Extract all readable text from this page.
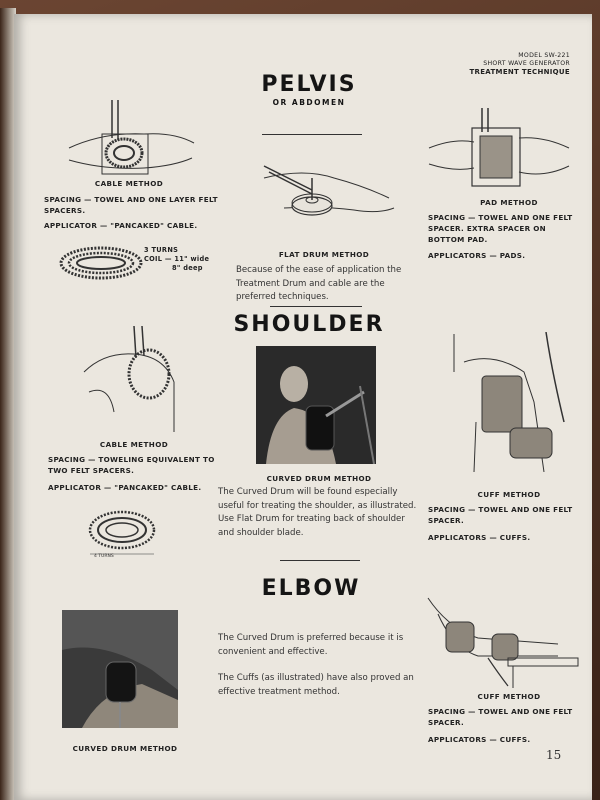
MODEL SW-221
SHORT WAVE GENERATOR
TREATMENT TECHNIQUE
PELVIS
OR ABDOMEN
CABLE METHOD
SPACING — TOWEL AND ONE LAYER FELT SPACERS.
APPLICATOR — "PANCAKED" CABLE.
3 TURNS
COIL — 11" wide
8" deep
FLAT DRUM METHOD
Because of the ease of application the Treatment Drum and cable are the preferred techniques.
PAD METHOD
SPACING — TOWEL AND ONE FELT SPACER. EXTRA SPACER ON BOTTOM PAD.
APPLICATORS — PADS.
SHOULDER
CABLE METHOD
SPACING — TOWELING EQUIVALENT TO TWO FELT SPACERS.
APPLICATOR — "PANCAKED" CABLE.
4 TURNS
CURVED DRUM METHOD
The Curved Drum will be found especially useful for treating the shoulder, as illustrated. Use Flat Drum for treating back of shoulder and shoulder blade.
CUFF METHOD
SPACING — TOWEL AND ONE FELT SPACER.
APPLICATORS — CUFFS.
ELBOW
CURVED DRUM METHOD
The Curved Drum is preferred because it is convenient and effective.
The Cuffs (as illustrated) have also proved an effective treatment method.	CUFF METHOD
SPACING — TOWEL AND ONE FELT SPACER.
APPLICATORS — CUFFS.
15
